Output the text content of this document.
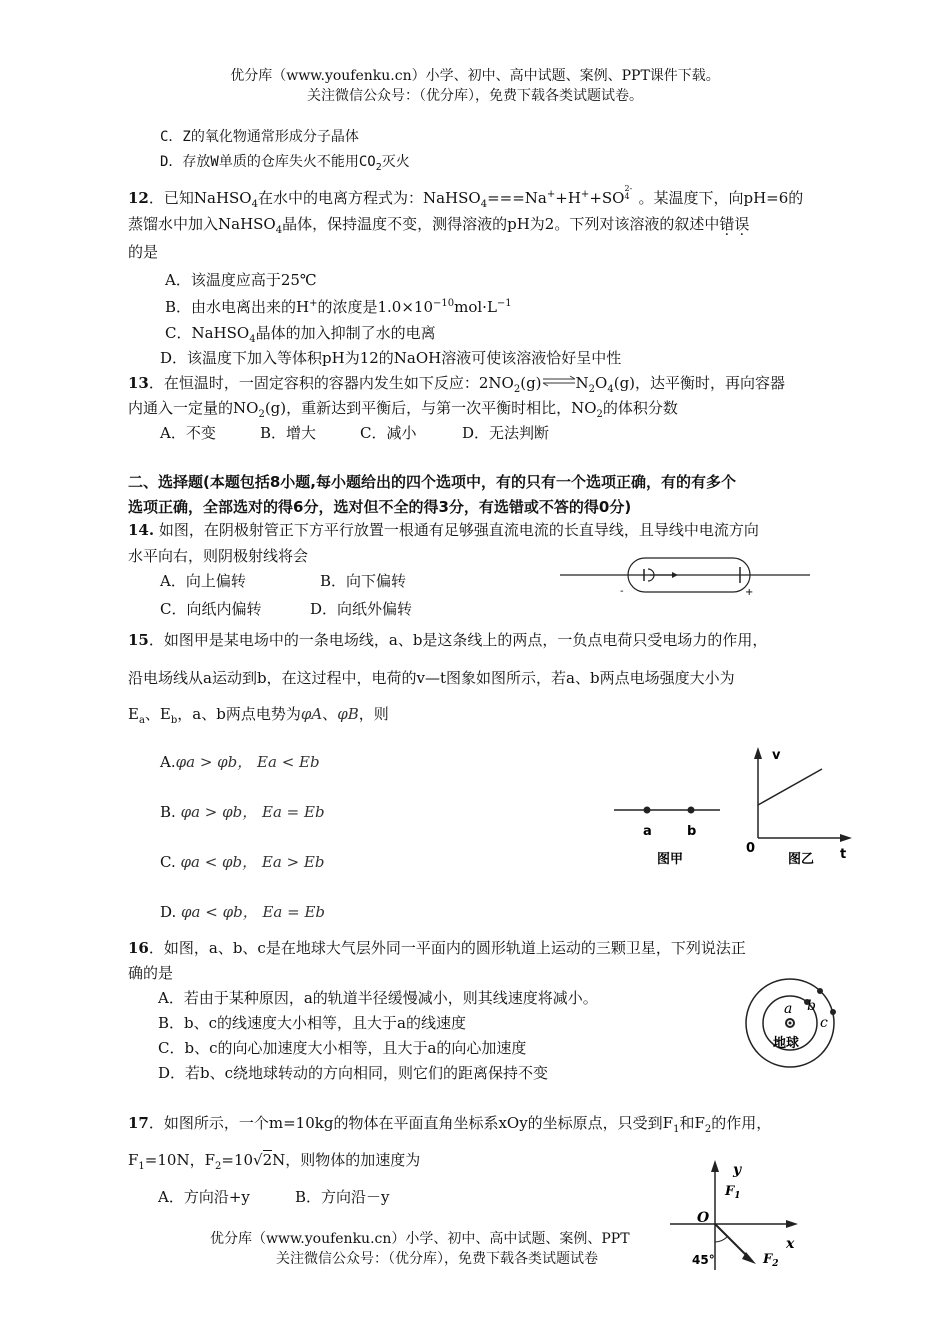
优分库（www.youfenku.cn）小学、初中、高中试题、案例、PPT课件下载。
关注微信公众号：（优分库），免费下载各类试题试卷。
C．Z的氧化物通常形成分子晶体
D．存放W单质的仓库失火不能用$CO_2$灭火
12．已知NaHSO$_4$在水中的电离方程式为：NaHSO$_4$===Na++H++SO2-
4 。某温度下，向pH=6的
蒸馏水中加入NaHSO$_4$晶体，保持温度不变，测得溶液的pH为2。下列对该溶液的叙述中错误
的是
A．该温度应高于25℃
B．由水电离出来的H+的浓度是$1.0\times 10^{-10}mol\cdot L^{-1}$
C．NaHSO$_4$晶体的加入抑制了水的电离
D．该温度下加入等体积pH为12的NaOH溶液可使该溶液恰好呈中性
13．在恒温时，一固定容积的容器内发生如下反应：$2NO_2(g)\rightleftharpoons N_2O_4(g)$，达平衡时，再向容器
内通入一定量的$NO_2(g)$，重新达到平衡后，与第一次平衡时相比，$NO_2$的体积分数
A．不变	B．增大	C．减小	D．无法判断
二、选择题(本题包括8小题,每小题给出的四个选项中，有的只有一个选项正确，有的有多个
选项正确，全部选对的得6分，选对但不全的得3分，有选错或不答的得0分)
14. 如图，在阴极射管正下方平行放置一根通有足够强直流电流的长直导线，且导线中电流方向
水平向右，则阴极射线将会
A．向上偏转	B．向下偏转
C．向纸内偏转	D．向纸外偏转
-	+
15．如图甲是某电场中的一条电场线，a、b是这条线上的两点，一负点电荷只受电场力的作用，
沿电场线从a运动到b，在这过程中，电荷的v—t图象如图所示，若a、b两点电场强度大小为
$E_a$、$E_b$，a、b两点电势为φA、φB，则
A.φa > φb， Ea < Eb
B. φa > φb， Ea = Eb
C. φa < φb， Ea > Eb
D. φa < φb， Ea = Eb
a	b
图甲
v
t
0
图乙
16．如图，a、b、c是在地球大气层外同一平面内的圆形轨道上运动的三颗卫星，下列说法正
确的是
A．若由于某种原因，a的轨道半径缓慢减小，则其线速度将减小。
B．b、c的线速度大小相等，且大于a的线速度
C．b、c的向心加速度大小相等，且大于a的向心加速度
D．若b、c绕地球转动的方向相同，则它们的距离保持不变
a b
c
地球
17．如图所示，一个m=10kg的物体在平面直角坐标系xOy的坐标原点，只受到$F_1$和$F_2$的作用，
$F_1=10N$，$F_2=10√2N$，则物体的加速度为
A．方向沿+y	B．方向沿－y
y
x
O
$F_1$
$F_2$
45°
优分库（www.youfenku.cn）小学、初中、高中试题、案例、PPT
关注微信公众号：（优分库），免费下载各类试题试卷
